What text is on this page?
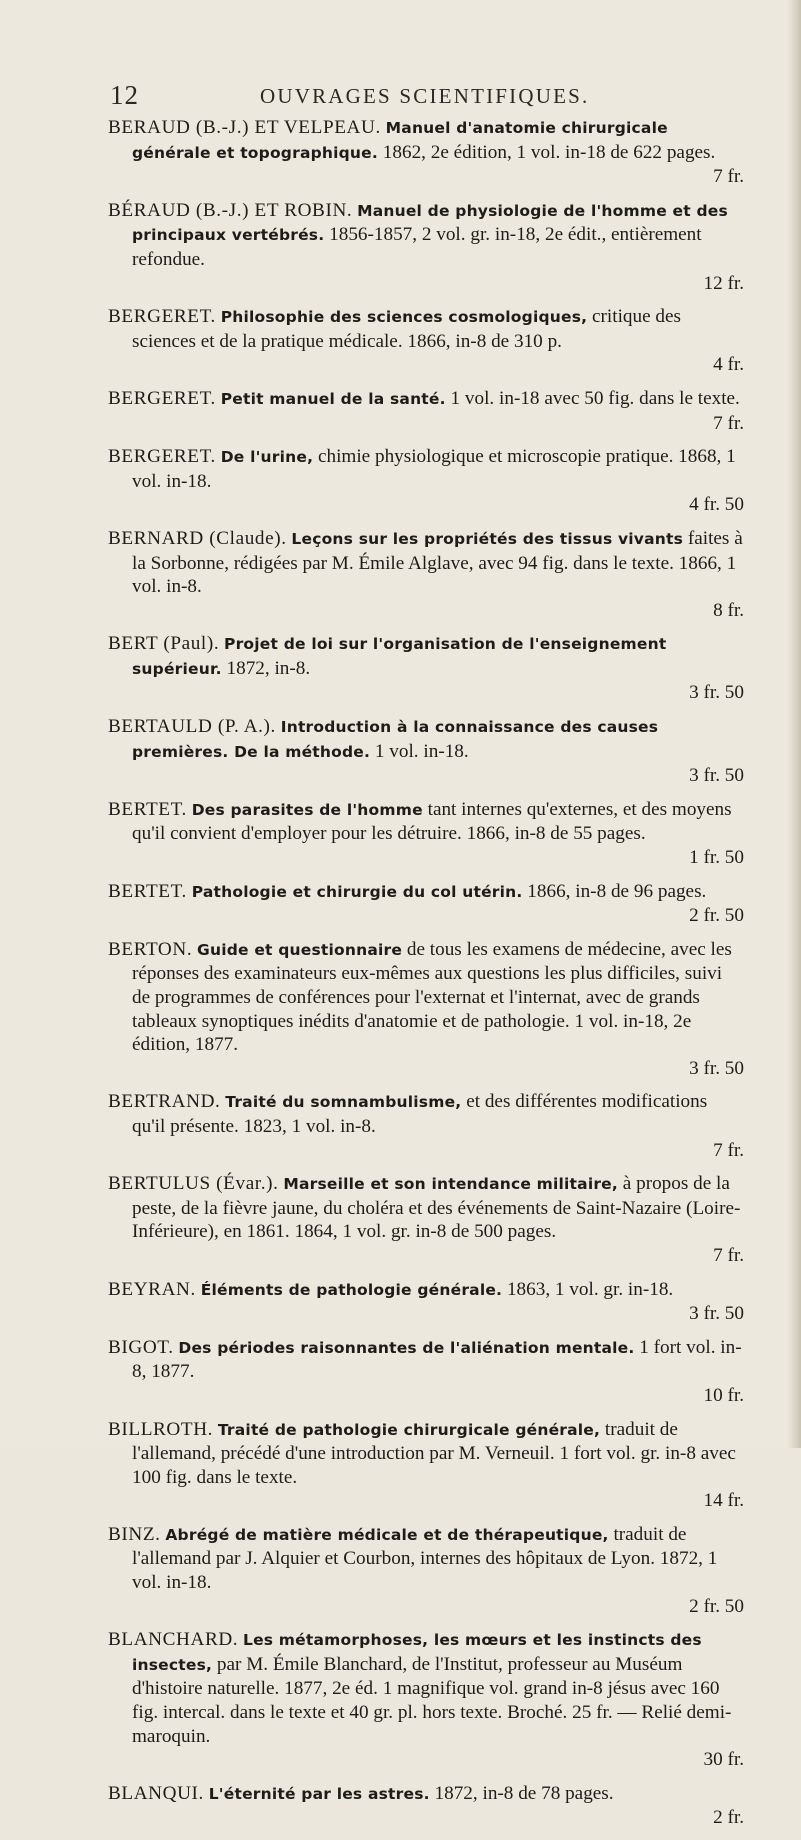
12	OUVRAGES SCIENTIFIQUES.
BERAUD (B.-J.) ET VELPEAU. Manuel d'anatomie chirurgicale générale et topographique. 1862, 2e édition, 1 vol. in-18 de 622 pages.
7 fr.
BÉRAUD (B.-J.) ET ROBIN. Manuel de physiologie de l'homme et des principaux vertébrés. 1856-1857, 2 vol. gr. in-18, 2e édit., entièrement refondue.
12 fr.
BERGERET. Philosophie des sciences cosmologiques, critique des sciences et de la pratique médicale. 1866, in-8 de 310 p.
4 fr.
BERGERET. Petit manuel de la santé. 1 vol. in-18 avec 50 fig. dans le texte.
7 fr.
BERGERET. De l'urine, chimie physiologique et microscopie pratique. 1868, 1 vol. in-18.
4 fr. 50
BERNARD (Claude). Leçons sur les propriétés des tissus vivants faites à la Sorbonne, rédigées par M. Émile Alglave, avec 94 fig. dans le texte. 1866, 1 vol. in-8.
8 fr.
BERT (Paul). Projet de loi sur l'organisation de l'enseignement supérieur. 1872, in-8.
3 fr. 50
BERTAULD (P. A.). Introduction à la connaissance des causes premières. De la méthode. 1 vol. in-18.
3 fr. 50
BERTET. Des parasites de l'homme tant internes qu'externes, et des moyens qu'il convient d'employer pour les détruire. 1866, in-8 de 55 pages.
1 fr. 50
BERTET. Pathologie et chirurgie du col utérin. 1866, in-8 de 96 pages.
2 fr. 50
BERTON. Guide et questionnaire de tous les examens de médecine, avec les réponses des examinateurs eux-mêmes aux questions les plus difficiles, suivi de programmes de conférences pour l'externat et l'internat, avec de grands tableaux synoptiques inédits d'anatomie et de pathologie. 1 vol. in-18, 2e édition, 1877.
3 fr. 50
BERTRAND. Traité du somnambulisme, et des différentes modifications qu'il présente. 1823, 1 vol. in-8.
7 fr.
BERTULUS (Évar.). Marseille et son intendance militaire, à propos de la peste, de la fièvre jaune, du choléra et des événements de Saint-Nazaire (Loire-Inférieure), en 1861. 1864, 1 vol. gr. in-8 de 500 pages.
7 fr.
BEYRAN. Éléments de pathologie générale. 1863, 1 vol. gr. in-18.
3 fr. 50
BIGOT. Des périodes raisonnantes de l'aliénation mentale. 1 fort vol. in-8, 1877.
10 fr.
BILLROTH. Traité de pathologie chirurgicale générale, traduit de l'allemand, précédé d'une introduction par M. Verneuil. 1 fort vol. gr. in-8 avec 100 fig. dans le texte.
14 fr.
BINZ. Abrégé de matière médicale et de thérapeutique, traduit de l'allemand par J. Alquier et Courbon, internes des hôpitaux de Lyon. 1872, 1 vol. in-18.
2 fr. 50
BLANCHARD. Les métamorphoses, les mœurs et les instincts des insectes, par M. Émile Blanchard, de l'Institut, professeur au Muséum d'histoire naturelle. 1877, 2e éd. 1 magnifique vol. grand in-8 jésus avec 160 fig. intercal. dans le texte et 40 gr. pl. hors texte. Broché. 25 fr. — Relié demi-maroquin.
30 fr.
BLANQUI. L'éternité par les astres. 1872, in-8 de 78 pages.
2 fr.
